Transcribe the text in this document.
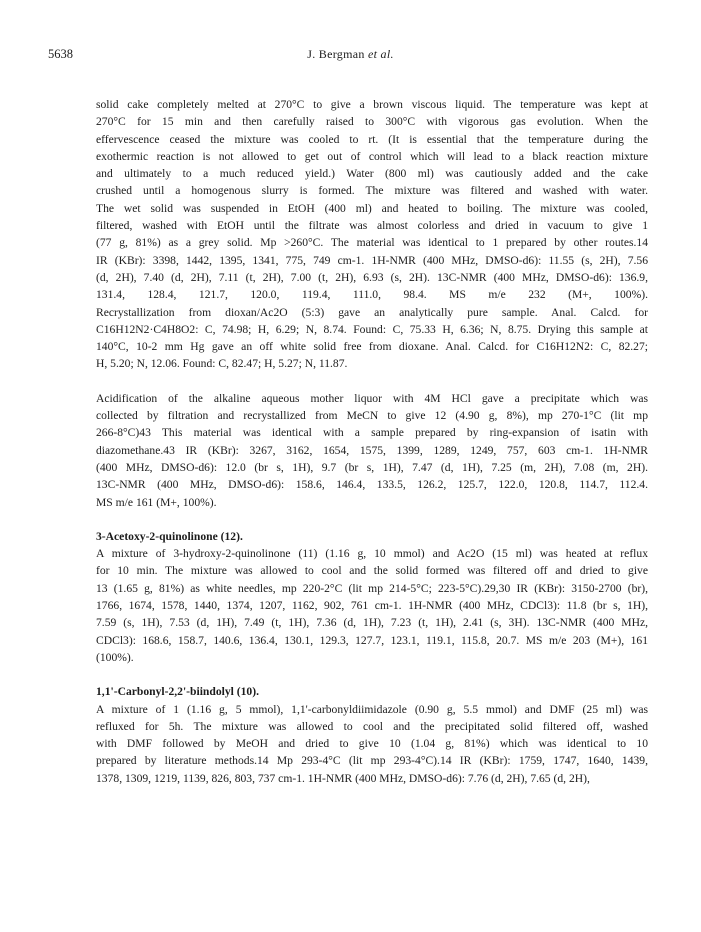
5638	J. Bergman et al.
solid cake completely melted at 270°C to give a brown viscous liquid. The temperature was kept at
270°C for 15 min and then carefully raised to 300°C with vigorous gas evolution. When the
effervescence ceased the mixture was cooled to rt. (It is essential that the temperature during the
exothermic reaction is not allowed to get out of control which will lead to a black reaction mixture
and ultimately to a much reduced yield.) Water (800 ml) was cautiously added and the cake
crushed until a homogenous slurry is formed. The mixture was filtered and washed with water.
The wet solid was suspended in EtOH (400 ml) and heated to boiling. The mixture was cooled,
filtered, washed with EtOH until the filtrate was almost colorless and dried in vacuum to give 1
(77 g, 81%) as a grey solid. Mp >260°C. The material was identical to 1 prepared by other routes.14
IR (KBr): 3398, 1442, 1395, 1341, 775, 749 cm-1. 1H-NMR (400 MHz, DMSO-d6): 11.55 (s, 2H), 7.56
(d, 2H), 7.40 (d, 2H), 7.11 (t, 2H), 7.00 (t, 2H), 6.93 (s, 2H). 13C-NMR (400 MHz, DMSO-d6): 136.9,
131.4, 128.4, 121.7, 120.0, 119.4, 111.0, 98.4. MS m/e 232 (M+, 100%).
Recrystallization from dioxan/Ac2O (5:3) gave an analytically pure sample. Anal. Calcd. for
C16H12N2·C4H8O2: C, 74.98; H, 6.29; N, 8.74. Found: C, 75.33 H, 6.36; N, 8.75. Drying this sample at
140°C, 10-2 mm Hg gave an off white solid free from dioxane. Anal. Calcd. for C16H12N2: C, 82.27;
H, 5.20; N, 12.06. Found: C, 82.47; H, 5.27; N, 11.87.
Acidification of the alkaline aqueous mother liquor with 4M HCl gave a precipitate which was
collected by filtration and recrystallized from MeCN to give 12 (4.90 g, 8%), mp 270-1°C (lit mp
266-8°C)43 This material was identical with a sample prepared by ring-expansion of isatin with
diazomethane.43 IR (KBr): 3267, 3162, 1654, 1575, 1399, 1289, 1249, 757, 603 cm-1. 1H-NMR
(400 MHz, DMSO-d6): 12.0 (br s, 1H), 9.7 (br s, 1H), 7.47 (d, 1H), 7.25 (m, 2H), 7.08 (m, 2H).
13C-NMR (400 MHz, DMSO-d6): 158.6, 146.4, 133.5, 126.2, 125.7, 122.0, 120.8, 114.7, 112.4.
MS m/e 161 (M+, 100%).
3-Acetoxy-2-quinolinone (12).
A mixture of 3-hydroxy-2-quinolinone (11) (1.16 g, 10 mmol) and Ac2O (15 ml) was heated at reflux
for 10 min. The mixture was allowed to cool and the solid formed was filtered off and dried to give
13 (1.65 g, 81%) as white needles, mp 220-2°C (lit mp 214-5°C; 223-5°C).29,30 IR (KBr): 3150-2700 (br),
1766, 1674, 1578, 1440, 1374, 1207, 1162, 902, 761 cm-1. 1H-NMR (400 MHz, CDCl3): 11.8 (br s, 1H),
7.59 (s, 1H), 7.53 (d, 1H), 7.49 (t, 1H), 7.36 (d, 1H), 7.23 (t, 1H), 2.41 (s, 3H). 13C-NMR (400 MHz,
CDCl3): 168.6, 158.7, 140.6, 136.4, 130.1, 129.3, 127.7, 123.1, 119.1, 115.8, 20.7. MS m/e 203 (M+), 161
(100%).
1,1'-Carbonyl-2,2'-biindolyl (10).
A mixture of 1 (1.16 g, 5 mmol), 1,1'-carbonyldiimidazole (0.90 g, 5.5 mmol) and DMF (25 ml) was
refluxed for 5h. The mixture was allowed to cool and the precipitated solid filtered off, washed
with DMF followed by MeOH and dried to give 10 (1.04 g, 81%) which was identical to 10
prepared by literature methods.14 Mp 293-4°C (lit mp 293-4°C).14 IR (KBr): 1759, 1747, 1640, 1439,
1378, 1309, 1219, 1139, 826, 803, 737 cm-1. 1H-NMR (400 MHz, DMSO-d6): 7.76 (d, 2H), 7.65 (d, 2H),
